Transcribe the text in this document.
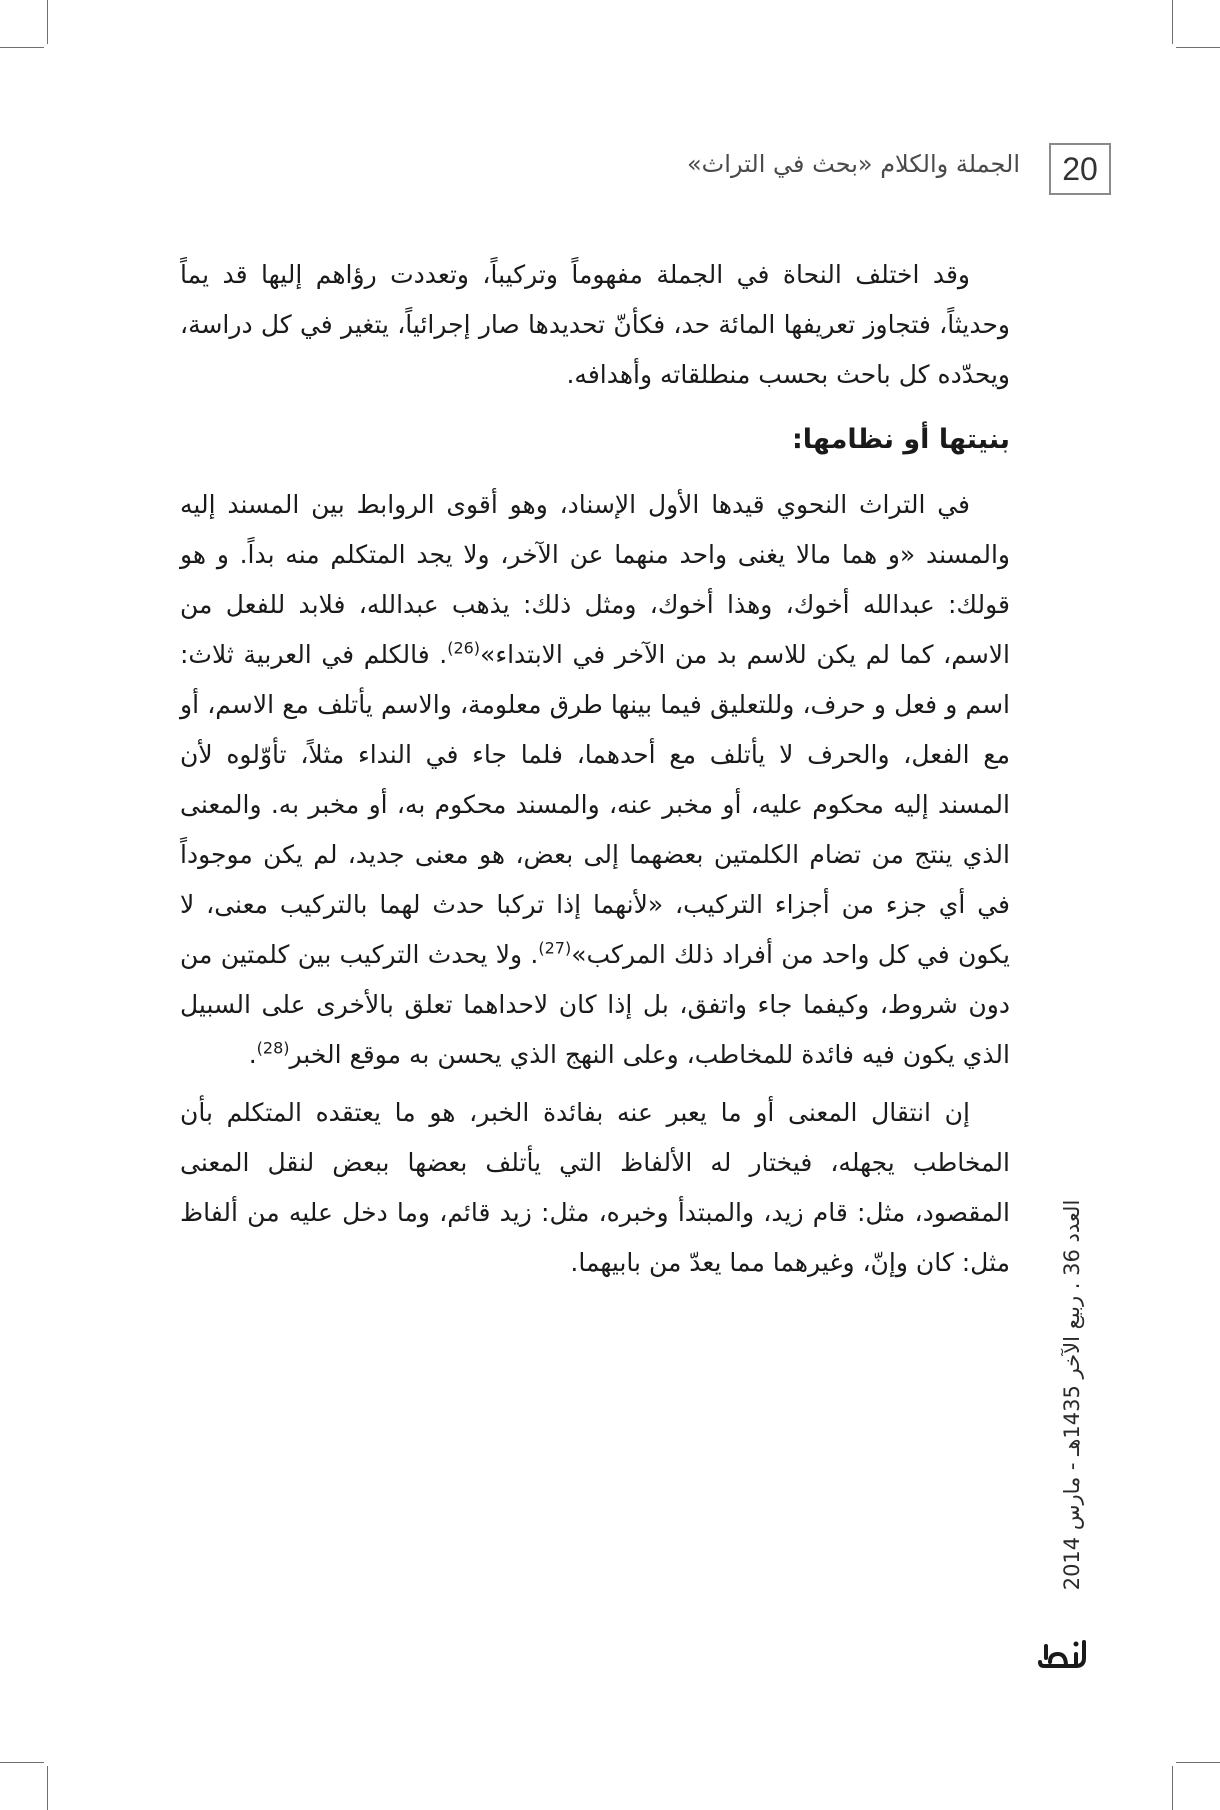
20
الجملة والكلام «بحث في التراث»

وقد اختلف النحاة في الجملة مفهوماً وتركيباً، وتعددت رؤاهم إليها قد يماً وحديثاً، فتجاوز تعريفها المائة حد، فكأنّ تحديدها صار إجرائياً، يتغير في كل دراسة، ويحدّده كل باحث بحسب منطلقاته وأهدافه.

بنيتها أو نظامها:

في التراث النحوي قيدها الأول الإسناد، وهو أقوى الروابط بين المسند إليه والمسند «و هما مالا يغنى واحد منهما عن الآخر، ولا يجد المتكلم منه بداً. و هو قولك: عبدالله أخوك، وهذا أخوك، ومثل ذلك: يذهب عبدالله، فلابد للفعل من الاسم، كما لم يكن للاسم بد من الآخر في الابتداء»$^{(26)}$. فالكلم في العربية ثلاث: اسم و فعل و حرف، وللتعليق فيما بينها طرق معلومة، والاسم يأتلف مع الاسم، أو مع الفعل، والحرف لا يأتلف مع أحدهما، فلما جاء في النداء مثلاً، تأوّلوه لأن المسند إليه محكوم عليه، أو مخبر عنه، والمسند محكوم به، أو مخبر به. والمعنى الذي ينتج من تضام الكلمتين بعضهما إلى بعض، هو معنى جديد، لم يكن موجوداً في أي جزء من أجزاء التركيب، «لأنهما إذا تركبا حدث لهما بالتركيب معنى، لا يكون في كل واحد من أفراد ذلك المركب»$^{(27)}$. ولا يحدث التركيب بين كلمتين من دون شروط، وكيفما جاء واتفق، بل إذا كان لاحداهما تعلق بالأخرى على السبيل الذي يكون فيه فائدة للمخاطب، وعلى النهج الذي يحسن به موقع الخبر$^{(28)}$.

إن انتقال المعنى أو ما يعبر عنه بفائدة الخبر، هو ما يعتقده المتكلم بأن المخاطب يجهله، فيختار له الألفاظ التي يأتلف بعضها ببعض لنقل المعنى المقصود، مثل: قام زيد، والمبتدأ وخبره، مثل: زيد قائم، وما دخل عليه من ألفاظ مثل: كان وإنّ، وغيرهما مما يعدّ من بابيهما.

العدد 36 . ربيع الآخر 1435هـ - مارس 2014
